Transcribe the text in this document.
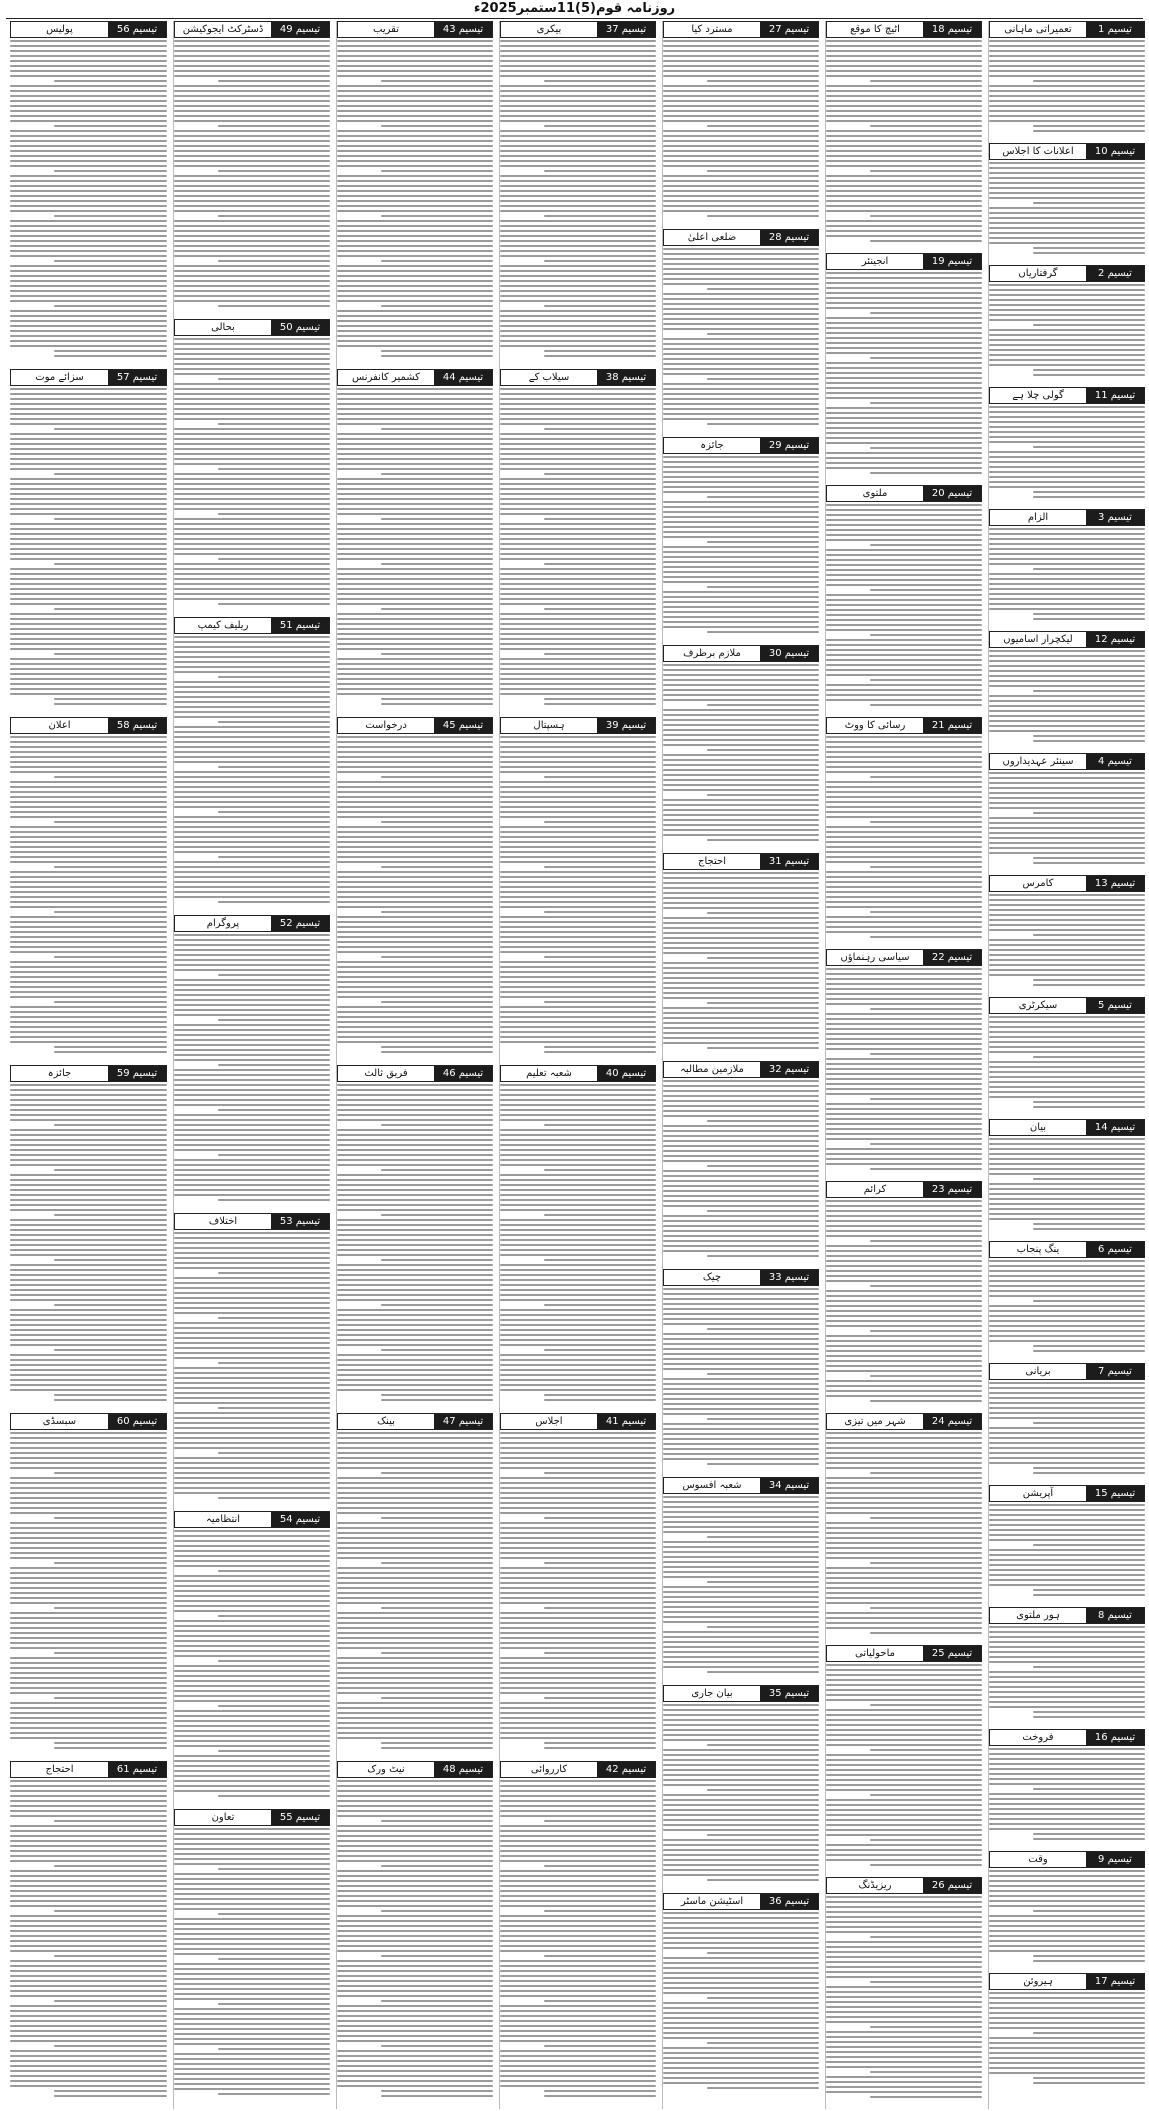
روزنامہ قوم(5)11ستمبر2025ء
تیسیم 1
تعمیراتی ماہانی
تیسیم 10
اعلانات کا اجلاس
تیسیم 2
گرفتاریاں
تیسیم 11
گولی چلا ہے
تیسیم 3
الزام
تیسیم 12
لیکچرار اسامیوں
تیسیم 4
سینئر عہدیداروں
تیسیم 13
کامرس
تیسیم 5
سیکرٹری
تیسیم 14
بیان
تیسیم 6
ینگ پنجاب
تیسیم 7
بریانی
تیسیم 15
آپریشن
تیسیم 8
ہور ملتوی
تیسیم 16
فروخت
تیسیم 9
وقت
تیسیم 17
ہیروئن
تیسیم 18
اٹیچ کا موقع
تیسیم 19
انجینئر
تیسیم 20
ملتوی
تیسیم 21
رسائی کا ووٹ
تیسیم 22
سیاسی رہنماؤں
تیسیم 23
کرائم
تیسیم 24
شہر میں تیزی
تیسیم 25
ماحولیاتی
تیسیم 26
ریزیڈنگ
تیسیم 27
مسترد کیا
تیسیم 28
ضلعی اعلیٰ
تیسیم 29
جائزہ
تیسیم 30
ملازم برطرف
تیسیم 31
احتجاج
تیسیم 32
ملازمین مطالبہ
تیسیم 33
چیک
تیسیم 34
شعبہ افسوس
تیسیم 35
بیان جاری
تیسیم 36
اسٹیشن ماسٹر
تیسیم 37
بیکری
تیسیم 38
سیلاب کے
تیسیم 39
ہسپتال
تیسیم 40
شعبہ تعلیم
تیسیم 41
اجلاس
تیسیم 42
کارروائی
تیسیم 43
تقریب
تیسیم 44
کشمیر کانفرنس
تیسیم 45
درخواست
تیسیم 46
فریق ثالث
تیسیم 47
بینک
تیسیم 48
نیٹ ورک
تیسیم 49
ڈسٹرکٹ ایجوکیشن
تیسیم 50
بحالی
تیسیم 51
ریلیف کیمپ
تیسیم 52
پروگرام
تیسیم 53
اختلاف
تیسیم 54
انتظامیہ
تیسیم 55
تعاون
تیسیم 56
پولیس
تیسیم 57
سزائے موت
تیسیم 58
اعلان
تیسیم 59
جائزہ
تیسیم 60
سبسڈی
تیسیم 61
احتجاج
